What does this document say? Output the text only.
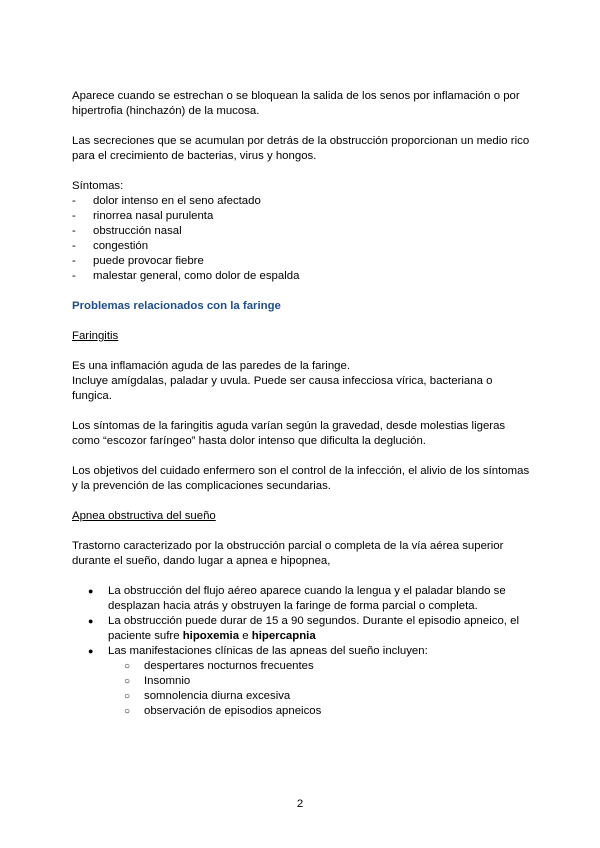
Aparece cuando se estrechan o se bloquean la salida de los senos por inflamación o por hipertrofia (hinchazón) de la mucosa.

Las secreciones que se acumulan por detrás de la obstrucción proporcionan un medio rico para el crecimiento de bacterias, virus y hongos.

Síntomas:

- dolor intenso en el seno afectado
- rinorrea nasal purulenta
- obstrucción nasal
- congestión
- puede provocar fiebre
- malestar general, como dolor de espalda

Problemas relacionados con la faringe

Faringitis

Es una inflamación aguda de las paredes de la faringe.

Incluye amígdalas, paladar y uvula. Puede ser causa infecciosa vírica, bacteriana o fungica.

Los síntomas de la faringitis aguda varían según la gravedad, desde molestias ligeras como “escozor faríngeo” hasta dolor intenso que dificulta la deglución.

Los objetivos del cuidado enfermero son el control de la infección, el alivio de los síntomas y la prevención de las complicaciones secundarias.

Apnea obstructiva del sueño

Trastorno caracterizado por la obstrucción parcial o completa de la vía aérea superior durante el sueño, dando lugar a apnea e hipopnea,

● La obstrucción del flujo aéreo aparece cuando la lengua y el paladar blando se desplazan hacia atrás y obstruyen la faringe de forma parcial o completa.
● La obstrucción puede durar de 15 a 90 segundos. Durante el episodio apneico, el paciente sufre hipoxemia e hipercapnia
● Las manifestaciones clínicas de las apneas del sueño incluyen:
○ despertares nocturnos frecuentes
○ Insomnio
○ somnolencia diurna excesiva
○ observación de episodios apneicos
2
